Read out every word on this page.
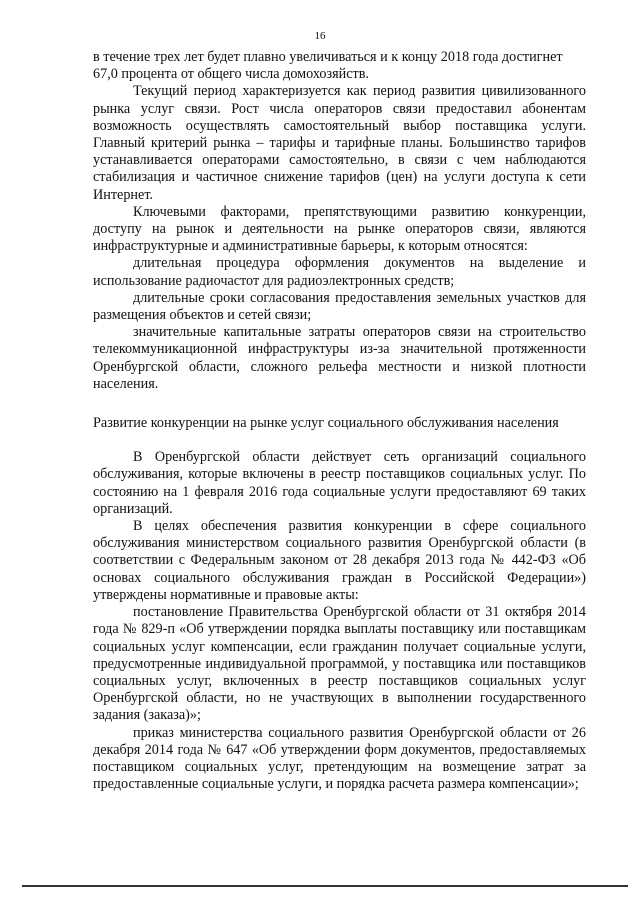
16

в течение трех лет будет плавно увеличиваться и к концу 2018 года достигнет 67,0 процента от общего числа домохозяйств.

Текущий период характеризуется как период развития цивилизованного рынка услуг связи. Рост числа операторов связи предоставил абонентам возможность осуществлять самостоятельный выбор поставщика услуги. Главный критерий рынка – тарифы и тарифные планы. Большинство тарифов устанавливается операторами самостоятельно, в связи с чем наблюдаются стабилизация и частичное снижение тарифов (цен) на услуги доступа к сети Интернет.

Ключевыми факторами, препятствующими развитию конкуренции, доступу на рынок и деятельности на рынке операторов связи, являются инфраструктурные и административные барьеры, к которым относятся:

длительная процедура оформления документов на выделение и использование радиочастот для радиоэлектронных средств;

длительные сроки согласования предоставления земельных участков для размещения объектов и сетей связи;

значительные капитальные затраты операторов связи на строительство телекоммуникационной инфраструктуры из-за значительной протяженности Оренбургской области, сложного рельефа местности и низкой плотности населения.

Развитие конкуренции на рынке услуг социального обслуживания населения

В Оренбургской области действует сеть организаций социального обслуживания, которые включены в реестр поставщиков социальных услуг. По состоянию на 1 февраля 2016 года социальные услуги предоставляют 69 таких организаций.

В целях обеспечения развития конкуренции в сфере социального обслуживания министерством социального развития Оренбургской области (в соответствии с Федеральным законом от 28 декабря 2013 года № 442-ФЗ «Об основах социального обслуживания граждан в Российской Федерации») утверждены нормативные и правовые акты:

постановление Правительства Оренбургской области от 31 октября 2014 года № 829-п «Об утверждении порядка выплаты поставщику или поставщикам социальных услуг компенсации, если гражданин получает социальные услуги, предусмотренные индивидуальной программой, у поставщика или поставщиков социальных услуг, включенных в реестр поставщиков социальных услуг Оренбургской области, но не участвующих в выполнении государственного задания (заказа)»;

приказ министерства социального развития Оренбургской области от 26 декабря 2014 года № 647 «Об утверждении форм документов, предоставляемых поставщиком социальных услуг, претендующим на возмещение затрат за предоставленные социальные услуги, и порядка расчета размера компенсации»;
